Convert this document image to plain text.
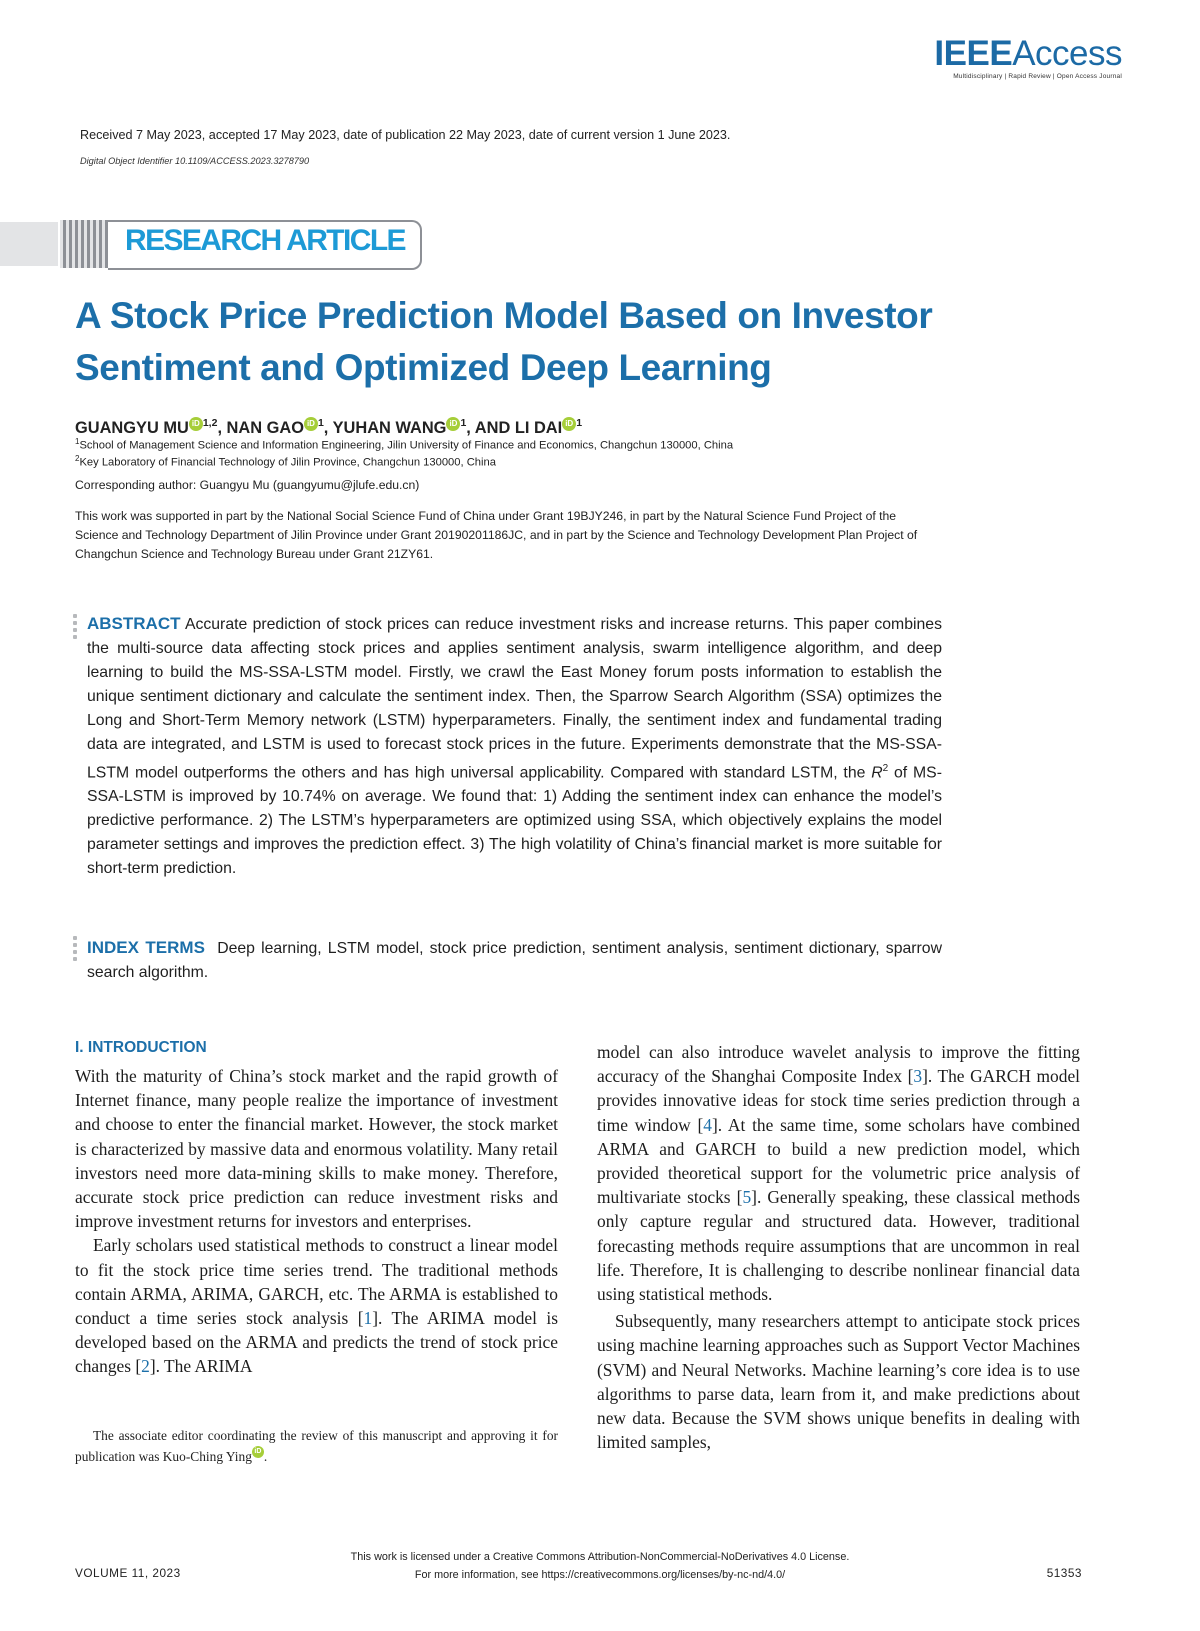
IEEEAccess
Multidisciplinary | Rapid Review | Open Access Journal
Received 7 May 2023, accepted 17 May 2023, date of publication 22 May 2023, date of current version 1 June 2023.
Digital Object Identifier 10.1109/ACCESS.2023.3278790
RESEARCH ARTICLE
A Stock Price Prediction Model Based on Investor
Sentiment and Optimized Deep Learning
GUANGYU MU iD $^{1,2}$, NAN GAO iD $^1$, YUHAN WANG iD $^1$, AND LI DAI iD $^1$
$^1$School of Management Science and Information Engineering, Jilin University of Finance and Economics, Changchun 130000, China
$^2$Key Laboratory of Financial Technology of Jilin Province, Changchun 130000, China
Corresponding author: Guangyu Mu (guangyumu@jlufe.edu.cn)
This work was supported in part by the National Social Science Fund of China under Grant 19BJY246, in part by the Natural Science Fund Project of the Science and Technology Department of Jilin Province under Grant 20190201186JC, and in part by the Science and Technology Development Plan Project of Changchun Science and Technology Bureau under Grant 21ZY61.
ABSTRACT Accurate prediction of stock prices can reduce investment risks and increase returns. This paper combines the multi-source data affecting stock prices and applies sentiment analysis, swarm intelligence algorithm, and deep learning to build the MS-SSA-LSTM model. Firstly, we crawl the East Money forum posts information to establish the unique sentiment dictionary and calculate the sentiment index. Then, the Sparrow Search Algorithm (SSA) optimizes the Long and Short-Term Memory network (LSTM) hyperparameters. Finally, the sentiment index and fundamental trading data are integrated, and LSTM is used to forecast stock prices in the future. Experiments demonstrate that the MS-SSA-LSTM model outperforms the others and has high universal applicability. Compared with standard LSTM, the $R^2$ of MS-SSA-LSTM is improved by 10.74% on average. We found that: 1) Adding the sentiment index can enhance the model’s predictive performance. 2) The LSTM’s hyperparameters are optimized using SSA, which objectively explains the model parameter settings and improves the prediction effect. 3) The high volatility of China’s financial market is more suitable for short-term prediction.
INDEX TERMS Deep learning, LSTM model, stock price prediction, sentiment analysis, sentiment dictionary, sparrow search algorithm.
I. INTRODUCTION

With the maturity of China’s stock market and the rapid growth of Internet finance, many people realize the importance of investment and choose to enter the financial market. However, the stock market is characterized by massive data and enormous volatility. Many retail investors need more data-mining skills to make money. Therefore, accurate stock price prediction can reduce investment risks and improve investment returns for investors and enterprises.

Early scholars used statistical methods to construct a linear model to fit the stock price time series trend. The traditional methods contain ARMA, ARIMA, GARCH, etc. The ARMA is established to conduct a time series stock analysis [1]. The ARIMA model is developed based on the ARMA and predicts the trend of stock price changes [2]. The ARIMA

model can also introduce wavelet analysis to improve the fitting accuracy of the Shanghai Composite Index [3]. The GARCH model provides innovative ideas for stock time series prediction through a time window [4]. At the same time, some scholars have combined ARMA and GARCH to build a new prediction model, which provided theoretical support for the volumetric price analysis of multivariate stocks [5]. Generally speaking, these classical methods only capture regular and structured data. However, traditional forecasting methods require assumptions that are uncommon in real life. Therefore, It is challenging to describe nonlinear financial data using statistical methods.

Subsequently, many researchers attempt to anticipate stock prices using machine learning approaches such as Support Vector Machines (SVM) and Neural Networks. Machine learning’s core idea is to use algorithms to parse data, learn from it, and make predictions about new data. Because the SVM shows unique benefits in dealing with limited samples,

The associate editor coordinating the review of this manuscript and approving it for publication was Kuo-Ching Ying iD .
This work is licensed under a Creative Commons Attribution-NonCommercial-NoDerivatives 4.0 License.
For more information, see https://creativecommons.org/licenses/by-nc-nd/4.0/
VOLUME 11, 2023	51353
